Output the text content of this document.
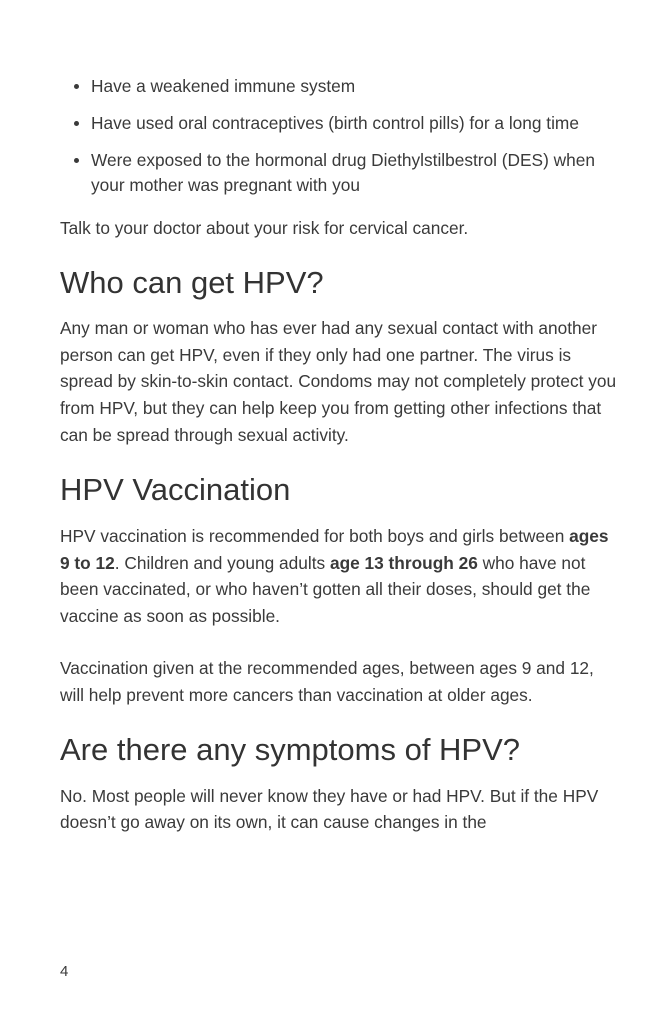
Have a weakened immune system
Have used oral contraceptives (birth control pills) for a long time
Were exposed to the hormonal drug Diethylstilbestrol (DES) when your mother was pregnant with you

Talk to your doctor about your risk for cervical cancer.

Who can get HPV?

Any man or woman who has ever had any sexual contact with another person can get HPV, even if they only had one partner. The virus is spread by skin-to-skin contact. Condoms may not completely protect you from HPV, but they can help keep you from getting other infections that can be spread through sexual activity.

HPV Vaccination

HPV vaccination is recommended for both boys and girls between ages 9 to 12. Children and young adults age 13 through 26 who have not been vaccinated, or who haven’t gotten all their doses, should get the vaccine as soon as possible.

Vaccination given at the recommended ages, between ages 9 and 12, will help prevent more cancers than vaccination at older ages.

Are there any symptoms of HPV?

No. Most people will never know they have or had HPV. But if the HPV doesn’t go away on its own, it can cause changes in the

4
